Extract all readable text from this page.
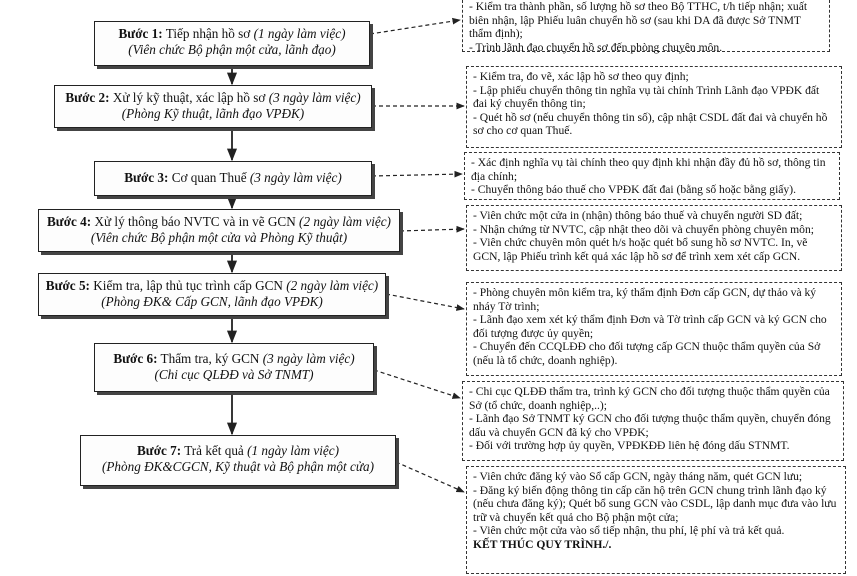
Bước 1: Tiếp nhận hồ sơ (1 ngày làm việc)
(Viên chức Bộ phận một cửa, lãnh đạo)
Bước 2: Xử lý kỹ thuật, xác lập hồ sơ (3 ngày làm việc)
(Phòng Kỹ thuật, lãnh đạo VPĐK)
Bước 3: Cơ quan Thuế (3 ngày làm việc)
Bước 4: Xử lý thông báo NVTC và in vẽ GCN (2 ngày làm việc)
(Viên chức Bộ phận một cửa và Phòng Kỹ thuật)
Bước 5: Kiểm tra, lập thủ tục trình cấp GCN (2 ngày làm việc)
(Phòng ĐK& Cấp GCN, lãnh đạo VPĐK)
Bước 6: Thẩm tra, ký GCN (3 ngày làm việc)
(Chi cục QLĐĐ và Sở TNMT)
Bước 7: Trả kết quả (1 ngày làm việc)
(Phòng ĐK&CGCN, Kỹ thuật và Bộ phận một cửa)
- Kiểm tra thành phần, số lượng hồ sơ theo Bộ TTHC, t/h tiếp nhận; xuất biên nhận, lập Phiếu luân chuyển hồ sơ (sau khi DA đã được Sở TNMT thẩm định);
- Trình lãnh đạo chuyển hồ sơ đến phòng chuyên môn.
- Kiểm tra, đo vẽ, xác lập hồ sơ theo quy định;
- Lập phiếu chuyển thông tin nghĩa vụ tài chính Trình Lãnh đạo VPĐK đất đai ký chuyển thông tin;
- Quét hồ sơ (nếu chuyển thông tin số), cập nhật CSDL đất đai và chuyển hồ sơ cho cơ quan Thuế.
- Xác định nghĩa vụ tài chính theo quy định khi nhận đầy đủ hồ sơ, thông tin địa chính;
- Chuyển thông báo thuế cho VPĐK đất đai (bằng số hoặc bằng giấy).
- Viên chức một cửa in (nhận) thông báo thuế và chuyển người SD đất;
- Nhận chứng từ NVTC, cập nhật theo dõi và chuyển phòng chuyên môn;
- Viên chức chuyên môn quét h/s hoặc quét bổ sung hồ sơ NVTC. In, vẽ GCN, lập Phiếu trình kết quả xác lập hồ sơ để trình xem xét cấp GCN.
- Phòng chuyên môn kiểm tra, ký thẩm định Đơn cấp GCN, dự thảo và ký nháy Tờ trình;
- Lãnh đạo xem xét ký thẩm định Đơn và Tờ trình cấp GCN và ký GCN cho đối tượng được ủy quyền;
- Chuyển đến CCQLĐĐ cho đối tượng cấp GCN thuộc thẩm quyền của Sở (nếu là tổ chức, doanh nghiệp).
- Chi cục QLĐĐ thẩm tra, trình ký GCN cho đối tượng thuộc thẩm quyền của Sở (tổ chức, doanh nghiệp,..);
- Lãnh đạo Sở TNMT ký GCN cho đối tượng thuộc thẩm quyền, chuyển đóng dấu và chuyển GCN đã ký cho VPĐK;
- Đối với trường hợp ủy quyền, VPĐKĐĐ liên hệ đóng dấu STNMT.
- Viên chức đăng ký vào Sổ cấp GCN, ngày tháng năm, quét GCN lưu;
- Đăng ký biến động thông tin cấp căn hộ trên GCN chung trình lãnh đạo ký (nếu chưa đăng ký); Quét bổ sung GCN vào CSDL, lập danh mục đưa vào lưu trữ và chuyển kết quả cho Bộ phận một cửa;
- Viên chức một cửa vào sổ tiếp nhận, thu phí, lệ phí và trả kết quả.
KẾT THÚC QUY TRÌNH./.
